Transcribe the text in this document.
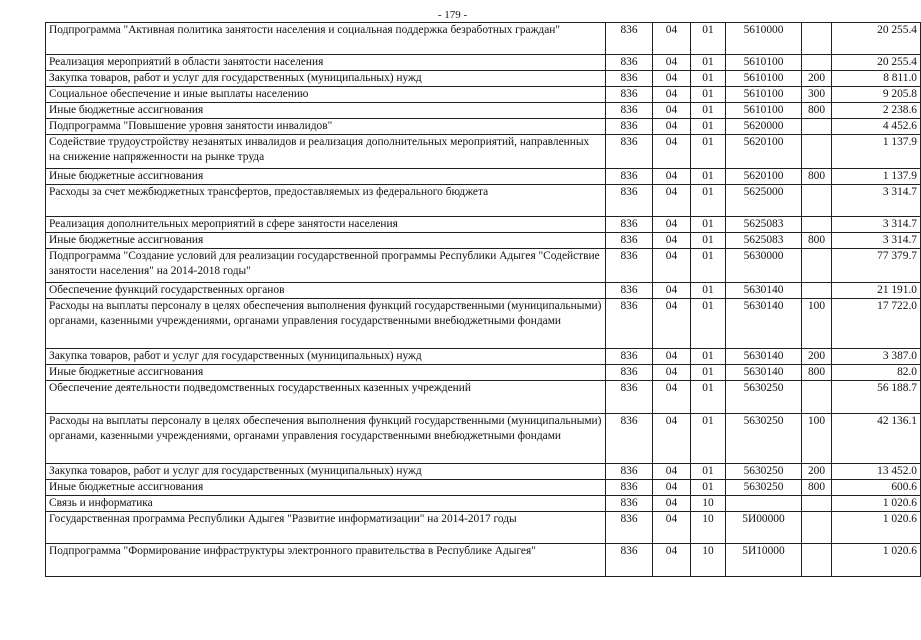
- 179 -
Подпрограмма "Активная политика занятости населения и социальная поддержка безработных граждан"	836	04	01	5610000		20 255.4
Реализация мероприятий в области занятости населения	836	04	01	5610100		20 255.4
Закупка товаров, работ и услуг для государственных (муниципальных) нужд	836	04	01	5610100	200	8 811.0
Социальное обеспечение и иные выплаты населению	836	04	01	5610100	300	9 205.8
Иные бюджетные ассигнования	836	04	01	5610100	800	2 238.6
Подпрограмма "Повышение уровня занятости инвалидов"	836	04	01	5620000		4 452.6
Содействие трудоустройству незанятых инвалидов и реализация дополнительных мероприятий, направленных на снижение напряженности на рынке труда	836	04	01	5620100		1 137.9
Иные бюджетные ассигнования	836	04	01	5620100	800	1 137.9
Расходы за счет межбюджетных трансфертов, предоставляемых из федерального бюджета	836	04	01	5625000		3 314.7
Реализация дополнительных мероприятий в сфере занятости населения	836	04	01	5625083		3 314.7
Иные бюджетные ассигнования	836	04	01	5625083	800	3 314.7
Подпрограмма "Создание условий для реализации государственной программы Республики Адыгея "Содействие занятости населения" на 2014-2018 годы"	836	04	01	5630000		77 379.7
Обеспечение функций государственных органов	836	04	01	5630140		21 191.0
Расходы на выплаты персоналу в целях обеспечения выполнения функций государственными (муниципальными) органами, казенными учреждениями, органами управления государственными внебюджетными фондами	836	04	01	5630140	100	17 722.0
Закупка товаров, работ и услуг для государственных (муниципальных) нужд	836	04	01	5630140	200	3 387.0
Иные бюджетные ассигнования	836	04	01	5630140	800	82.0
Обеспечение деятельности подведомственных государственных казенных учреждений	836	04	01	5630250		56 188.7
Расходы на выплаты персоналу в целях обеспечения выполнения функций государственными (муниципальными) органами, казенными учреждениями, органами управления государственными внебюджетными фондами	836	04	01	5630250	100	42 136.1
Закупка товаров, работ и услуг для государственных (муниципальных) нужд	836	04	01	5630250	200	13 452.0
Иные бюджетные ассигнования	836	04	01	5630250	800	600.6
Связь и информатика	836	04	10			1 020.6
Государственная программа Республики Адыгея "Развитие информатизации" на 2014-2017 годы	836	04	10	5И00000		1 020.6
Подпрограмма "Формирование инфраструктуры электронного правительства в Республике Адыгея"	836	04	10	5И10000		1 020.6
